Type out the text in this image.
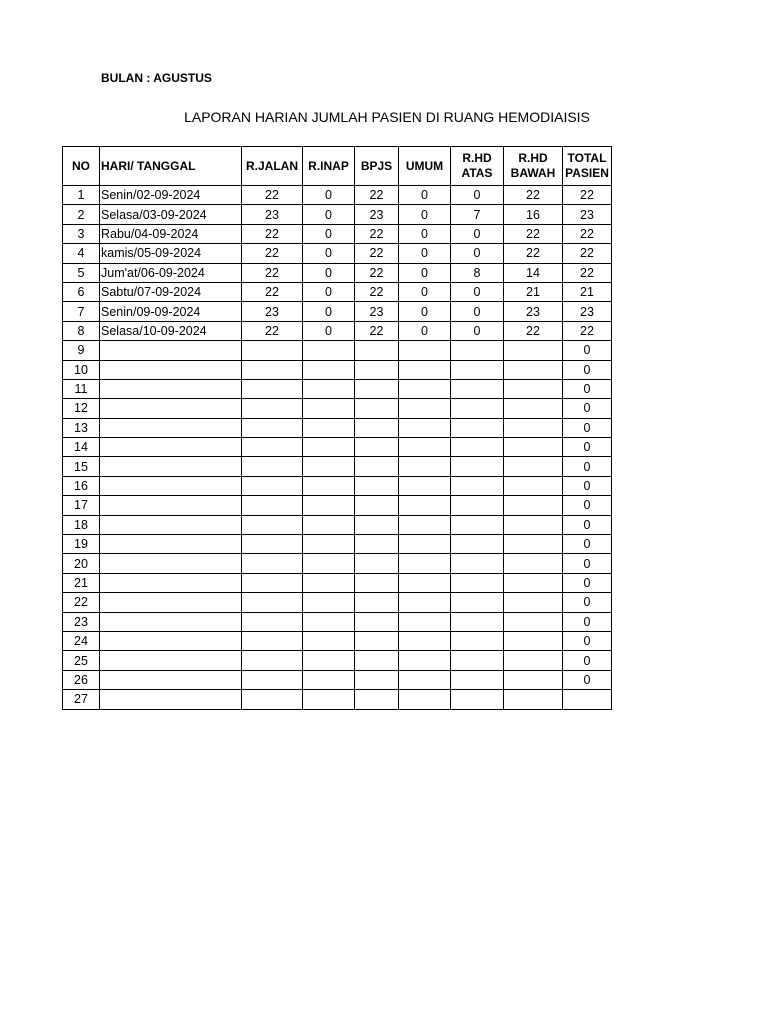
BULAN : AGUSTUS
LAPORAN HARIAN JUMLAH PASIEN DI RUANG HEMODIAISIS
NO	HARI/ TANGGAL	R.JALAN	R.INAP	BPJS	UMUM	R.HD ATAS	R.HD BAWAH	TOTAL PASIEN
1	Senin/02-09-2024	22	0	22	0	0	22	22
2	Selasa/03-09-2024	23	0	23	0	7	16	23
3	Rabu/04-09-2024	22	0	22	0	0	22	22
4	kamis/05-09-2024	22	0	22	0	0	22	22
5	Jum'at/06-09-2024	22	0	22	0	8	14	22
6	Sabtu/07-09-2024	22	0	22	0	0	21	21
7	Senin/09-09-2024	23	0	23	0	0	23	23
8	Selasa/10-09-2024	22	0	22	0	0	22	22
9								0
10								0
11								0
12								0
13								0
14								0
15								0
16								0
17								0
18								0
19								0
20								0
21								0
22								0
23								0
24								0
25								0
26								0
27								
